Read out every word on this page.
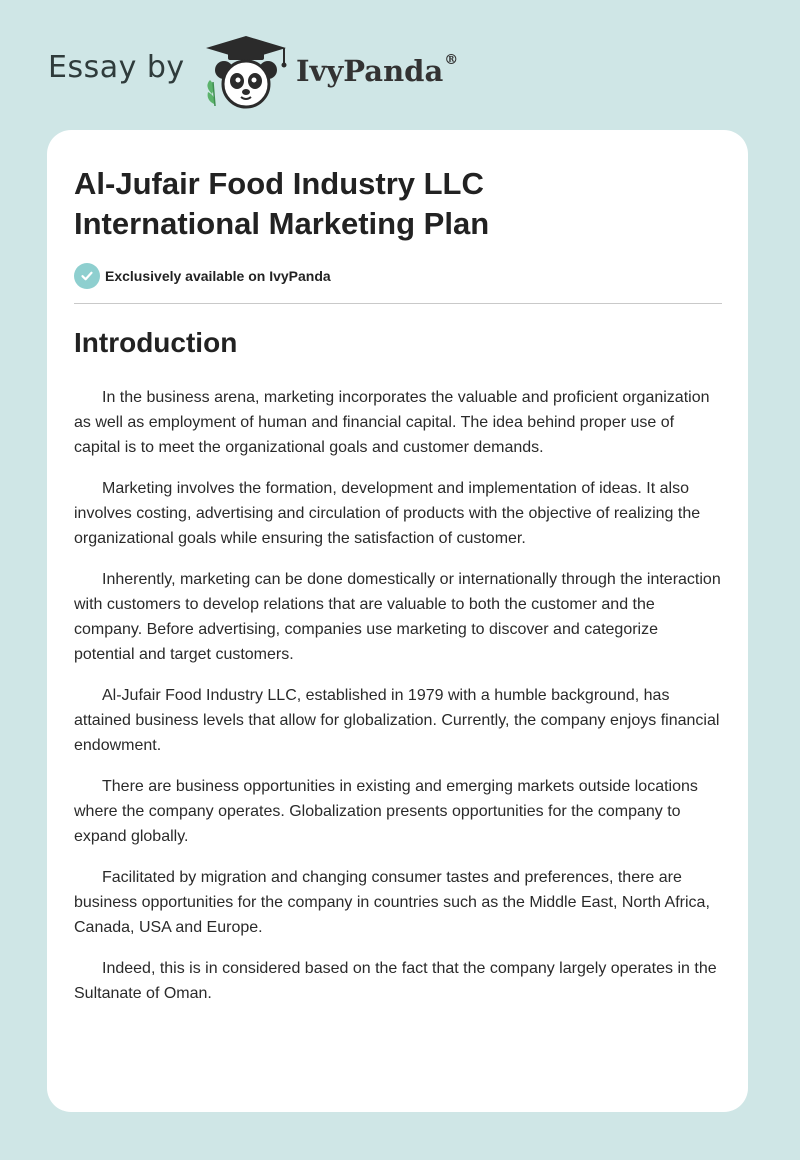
Essay by	IvyPanda®
Al-Jufair Food Industry LLC
International Marketing Plan
Exclusively available on IvyPanda
Introduction

In the business arena, marketing incorporates the valuable and proficient organization as well as employment of human and financial capital. The idea behind proper use of capital is to meet the organizational goals and customer demands.

Marketing involves the formation, development and implementation of ideas. It also involves costing, advertising and circulation of products with the objective of realizing the organizational goals while ensuring the satisfaction of customer.

Inherently, marketing can be done domestically or internationally through the interaction with customers to develop relations that are valuable to both the customer and the company. Before advertising, companies use marketing to discover and categorize potential and target customers.

Al-Jufair Food Industry LLC, established in 1979 with a humble background, has attained business levels that allow for globalization. Currently, the company enjoys financial endowment.

There are business opportunities in existing and emerging markets outside locations where the company operates. Globalization presents opportunities for the company to expand globally.

Facilitated by migration and changing consumer tastes and preferences, there are business opportunities for the company in countries such as the Middle East, North Africa, Canada, USA and Europe.

Indeed, this is in considered based on the fact that the company largely operates in the Sultanate of Oman.
